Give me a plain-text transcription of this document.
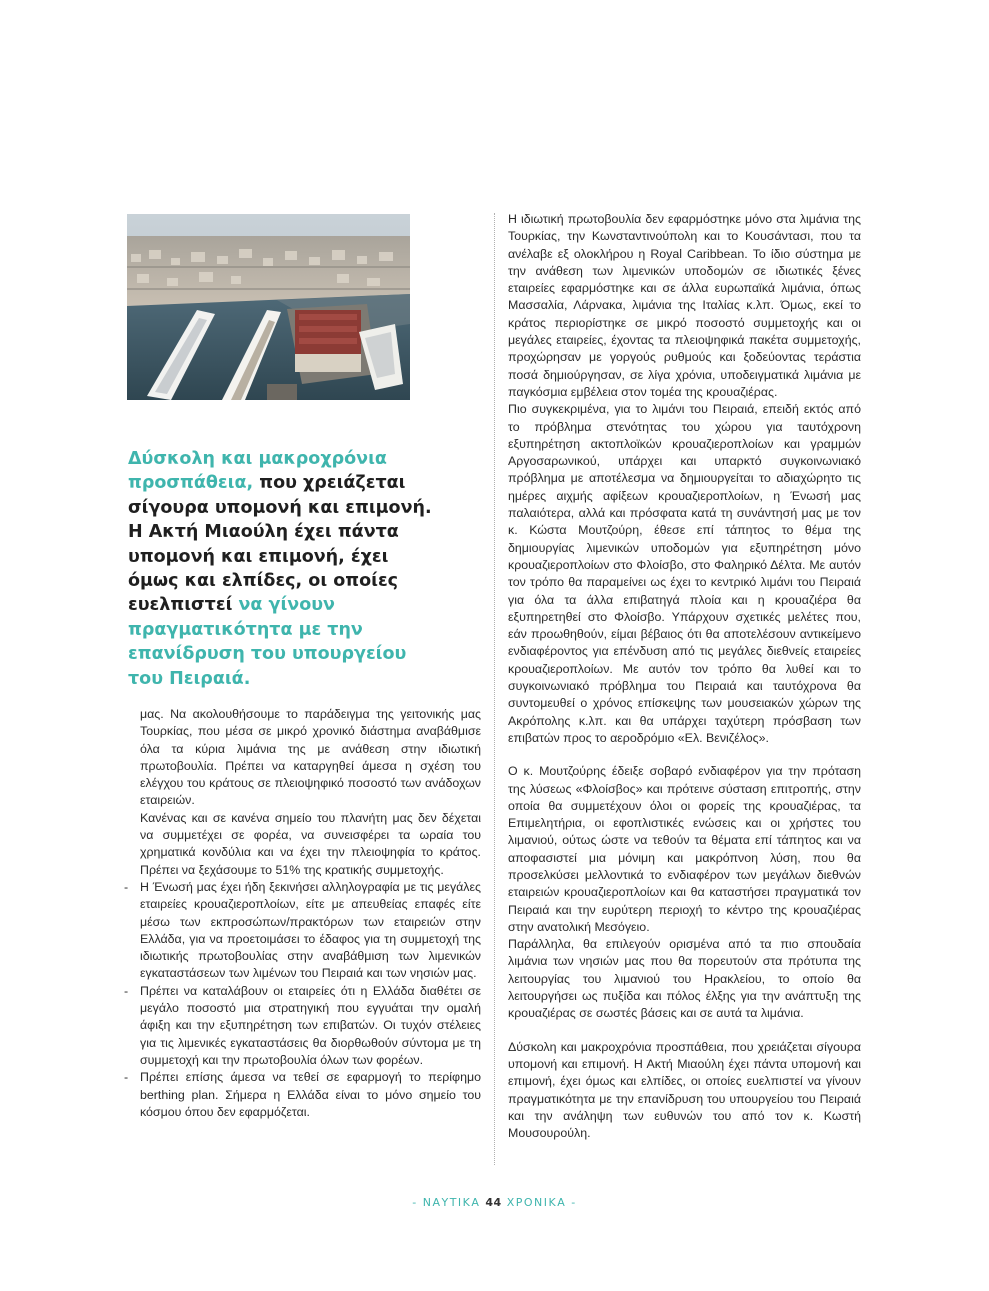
Δύσκολη και μακροχρόνια προσπάθεια, που χρειάζεται σίγουρα υπομονή και επιμονή. Η Ακτή Μιαούλη έχει πάντα υπομονή και επιμονή, έχει όμως και ελπίδες, οι οποίες ευελπιστεί να γίνουν πραγματικότητα με την επανίδρυση του υπουργείου του Πειραιά.

μας. Να ακολουθήσουμε το παράδειγμα της γειτονικής μας Τουρκίας, που μέσα σε μικρό χρονικό διάστημα αναβάθμισε όλα τα κύρια λιμάνια της με ανάθεση στην ιδιωτική πρωτοβουλία. Πρέπει να καταργηθεί άμεσα η σχέση του ελέγχου του κράτους σε πλειοψηφικό ποσοστό των ανάδοχων εταιρειών.

Κανένας και σε κανένα σημείο του πλανήτη μας δεν δέχεται να συμμετέχει σε φορέα, να συνεισφέρει τα ωραία του χρηματικά κονδύλια και να έχει την πλειοψηφία το κράτος. Πρέπει να ξεχάσουμε το 51% της κρατικής συμμετοχής.

- Η Ένωσή μας έχει ήδη ξεκινήσει αλληλογραφία με τις μεγάλες εταιρείες κρουαζιεροπλοίων, είτε με απευθείας επαφές είτε μέσω των εκπροσώπων/πρακτόρων των εταιρειών στην Ελλάδα, για να προετοιμάσει το έδαφος για τη συμμετοχή της ιδιωτικής πρωτοβουλίας στην αναβάθμιση των λιμενικών εγκαταστάσεων των λιμένων του Πειραιά και των νησιών μας.

- Πρέπει να καταλάβουν οι εταιρείες ότι η Ελλάδα διαθέτει σε μεγάλο ποσοστό μια στρατηγική που εγγυάται την ομαλή άφιξη και την εξυπηρέτηση των επιβατών. Οι τυχόν στέλειες για τις λιμενικές εγκαταστάσεις θα διορθωθούν σύντομα με τη συμμετοχή και την πρωτοβουλία όλων των φορέων.

- Πρέπει επίσης άμεσα να τεθεί σε εφαρμογή το περίφημο berthing plan. Σήμερα η Ελλάδα είναι το μόνο σημείο του κόσμου όπου δεν εφαρμόζεται.

Η ιδιωτική πρωτοβουλία δεν εφαρμόστηκε μόνο στα λιμάνια της Τουρκίας, την Κωνσταντινούπολη και το Κουσάντασι, που τα ανέλαβε εξ ολοκλήρου η Royal Caribbean. Το ίδιο σύστημα με την ανάθεση των λιμενικών υποδομών σε ιδιωτικές ξένες εταιρείες εφαρμόστηκε και σε άλλα ευρωπαϊκά λιμάνια, όπως Μασσαλία, Λάρνακα, λιμάνια της Ιταλίας κ.λπ. Όμως, εκεί το κράτος περιορίστηκε σε μικρό ποσοστό συμμετοχής και οι μεγάλες εταιρείες, έχοντας τα πλειοψηφικά πακέτα συμμετοχής, προχώρησαν με γοργούς ρυθμούς και ξοδεύοντας τεράστια ποσά δημιούργησαν, σε λίγα χρόνια, υποδειγματικά λιμάνια με παγκόσμια εμβέλεια στον τομέα της κρουαζιέρας.

Πιο συγκεκριμένα, για το λιμάνι του Πειραιά, επειδή εκτός από το πρόβλημα στενότητας του χώρου για ταυτόχρονη εξυπηρέτηση ακτοπλοϊκών κρουαζιεροπλοίων και γραμμών Αργοσαρωνικού, υπάρχει και υπαρκτό συγκοινωνιακό πρόβλημα με αποτέλεσμα να δημιουργείται το αδιαχώρητο τις ημέρες αιχμής αφίξεων κρουαζιεροπλοίων, η Ένωσή μας παλαιότερα, αλλά και πρόσφατα κατά τη συνάντησή μας με τον κ. Κώστα Μουτζούρη, έθεσε επί τάπητος το θέμα της δημιουργίας λιμενικών υποδομών για εξυπηρέτηση μόνο κρουαζιεροπλοίων στο Φλοίσβο, στο Φαληρικό Δέλτα. Με αυτόν τον τρόπο θα παραμείνει ως έχει το κεντρικό λιμάνι του Πειραιά για όλα τα άλλα επιβατηγά πλοία και η κρουαζιέρα θα εξυπηρετηθεί στο Φλοίσβο. Υπάρχουν σχετικές μελέτες που, εάν προωθηθούν, είμαι βέβαιος ότι θα αποτελέσουν αντικείμενο ενδιαφέροντος για επένδυση από τις μεγάλες διεθνείς εταιρείες κρουαζιεροπλοίων. Με αυτόν τον τρόπο θα λυθεί και το συγκοινωνιακό πρόβλημα του Πειραιά και ταυτόχρονα θα συντομευθεί ο χρόνος επίσκεψης των μουσειακών χώρων της Ακρόπολης κ.λπ. και θα υπάρχει ταχύτερη πρόσβαση των επιβατών προς το αεροδρόμιο «Ελ. Βενιζέλος».

Ο κ. Μουτζούρης έδειξε σοβαρό ενδιαφέρον για την πρόταση της λύσεως «Φλοίσβος» και πρότεινε σύσταση επιτροπής, στην οποία θα συμμετέχουν όλοι οι φορείς της κρουαζιέρας, τα Επιμελητήρια, οι εφοπλιστικές ενώσεις και οι χρήστες του λιμανιού, ούτως ώστε να τεθούν τα θέματα επί τάπητος και να αποφασιστεί μια μόνιμη και μακρόπνοη λύση, που θα προσελκύσει μελλοντικά το ενδιαφέρον των μεγάλων διεθνών εταιρειών κρουαζιεροπλοίων και θα καταστήσει πραγματικά τον Πειραιά και την ευρύτερη περιοχή το κέντρο της κρουαζιέρας στην ανατολική Μεσόγειο.

Παράλληλα, θα επιλεγούν ορισμένα από τα πιο σπουδαία λιμάνια των νησιών μας που θα πορευτούν στα πρότυπα της λειτουργίας του λιμανιού του Ηρακλείου, το οποίο θα λειτουργήσει ως πυξίδα και πόλος έλξης για την ανάπτυξη της κρουαζιέρας σε σωστές βάσεις και σε αυτά τα λιμάνια.

Δύσκολη και μακροχρόνια προσπάθεια, που χρειάζεται σίγουρα υπομονή και επιμονή. Η Ακτή Μιαούλη έχει πάντα υπομονή και επιμονή, έχει όμως και ελπίδες, οι οποίες ευελπιστεί να γίνουν πραγματικότητα με την επανίδρυση του υπουργείου του Πειραιά και την ανάληψη των ευθυνών του από τον κ. Κωστή Μουσουρούλη.

- ΝΑΥΤΙΚΑ 44 ΧΡΟΝΙΚΑ -
